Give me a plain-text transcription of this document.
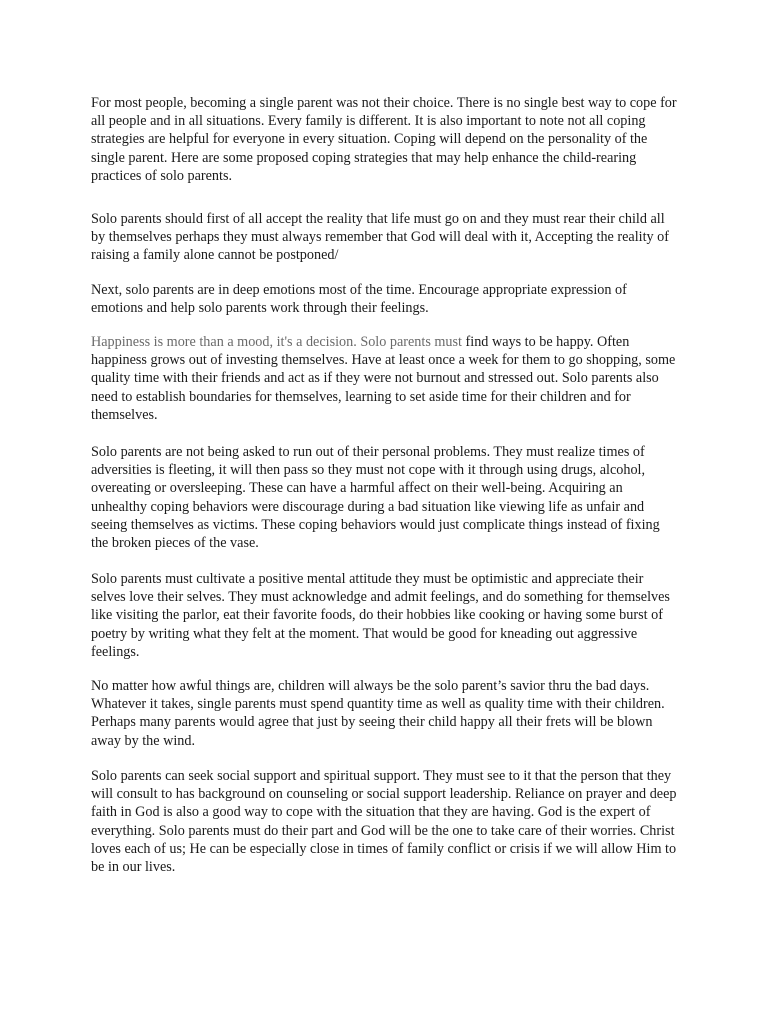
For most people, becoming a single parent was not their choice. There is no single best way to cope for all people and in all situations. Every family is different. It is also important to note not all coping strategies are helpful for everyone in every situation. Coping will depend on the personality of the single parent. Here are some proposed coping strategies that may help enhance the child-rearing practices of solo parents.

Solo parents should first of all accept the reality that life must go on and they must rear their child all by themselves perhaps they must always remember that God will deal with it, Accepting the reality of raising a family alone cannot be postponed/

Next, solo parents are in deep emotions most of the time. Encourage appropriate expression of emotions and help solo parents work through their feelings.

Happiness is more than a mood, it's a decision. Solo parents must find ways to be happy. Often happiness grows out of investing themselves. Have at least once a week for them to go shopping, some quality time with their friends and act as if they were not burnout and stressed out. Solo parents also need to establish boundaries for themselves, learning to set aside time for their children and for themselves.

Solo parents are not being asked to run out of their personal problems. They must realize times of adversities is fleeting, it will then pass so they must not cope with it through using drugs, alcohol, overeating or oversleeping. These can have a harmful affect on their well-being. Acquiring an unhealthy coping behaviors were discourage during a bad situation like viewing life as unfair and seeing themselves as victims. These coping behaviors would just complicate things instead of fixing the broken pieces of the vase.

Solo parents must cultivate a positive mental attitude they must be optimistic and appreciate their selves love their selves. They must acknowledge and admit feelings, and do something for themselves like visiting the parlor, eat their favorite foods, do their hobbies like cooking or having some burst of poetry by writing what they felt at the moment. That would be good for kneading out aggressive feelings.

No matter how awful things are, children will always be the solo parent’s savior thru the bad days. Whatever it takes, single parents must spend quantity time as well as quality time with their children. Perhaps many parents would agree that just by seeing their child happy all their frets will be blown away by the wind.

Solo parents can seek social support and spiritual support. They must see to it that the person that they will consult to has background on counseling or social support leadership. Reliance on prayer and deep faith in God is also a good way to cope with the situation that they are having. God is the expert of everything. Solo parents must do their part and God will be the one to take care of their worries. Christ loves each of us; He can be especially close in times of family conflict or crisis if we will allow Him to be in our lives.
